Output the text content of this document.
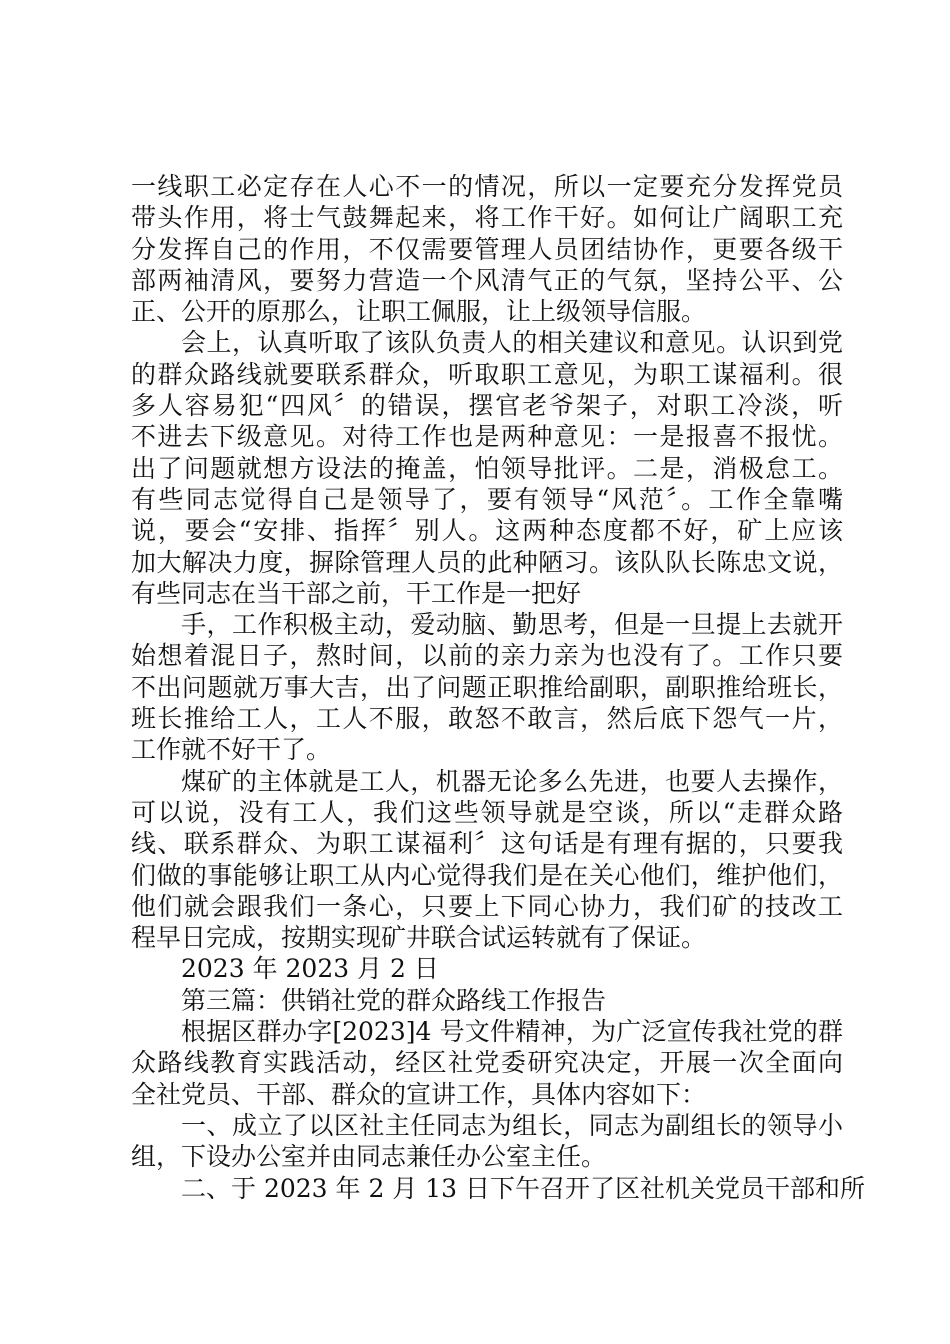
一线职工必定存在人心不一的情况，所以一定要充分发挥党员
带头作用，将士气鼓舞起来，将工作干好。如何让广阔职工充
分发挥自己的作用，不仅需要管理人员团结协作，更要各级干
部两袖清风，要努力营造一个风清气正的气氛，坚持公平、公
正、公开的原那么，让职工佩服，让上级领导信服。
会上，认真听取了该队负责人的相关建议和意见。认识到党
的群众路线就要联系群众，听取职工意见，为职工谋福利。很
多人容易犯“四风〞的错误，摆官老爷架子，对职工冷淡，听
不进去下级意见。对待工作也是两种意见：一是报喜不报忧。
出了问题就想方设法的掩盖，怕领导批评。二是，消极怠工。
有些同志觉得自己是领导了，要有领导“风范〞。工作全靠嘴
说，要会“安排、指挥〞别人。这两种态度都不好，矿上应该
加大解决力度，摒除管理人员的此种陋习。该队队长陈忠文说，
有些同志在当干部之前，干工作是一把好
手，工作积极主动，爱动脑、勤思考，但是一旦提上去就开
始想着混日子，熬时间，以前的亲力亲为也没有了。工作只要
不出问题就万事大吉，出了问题正职推给副职，副职推给班长，
班长推给工人，工人不服，敢怒不敢言，然后底下怨气一片，
工作就不好干了。
煤矿的主体就是工人，机器无论多么先进，也要人去操作，
可以说，没有工人，我们这些领导就是空谈，所以“走群众路
线、联系群众、为职工谋福利〞这句话是有理有据的，只要我
们做的事能够让职工从内心觉得我们是在关心他们，维护他们，
他们就会跟我们一条心，只要上下同心协力，我们矿的技改工
程早日完成，按期实现矿井联合试运转就有了保证。
2023 年 2023 月 2 日
第三篇：供销社党的群众路线工作报告
根据区群办字[2023]4 号文件精神，为广泛宣传我社党的群
众路线教育实践活动，经区社党委研究决定，开展一次全面向
全社党员、干部、群众的宣讲工作，具体内容如下：
一、成立了以区社主任同志为组长，同志为副组长的领导小
组，下设办公室并由同志兼任办公室主任。
二、于 2023 年 2 月 13 日下午召开了区社机关党员干部和所
